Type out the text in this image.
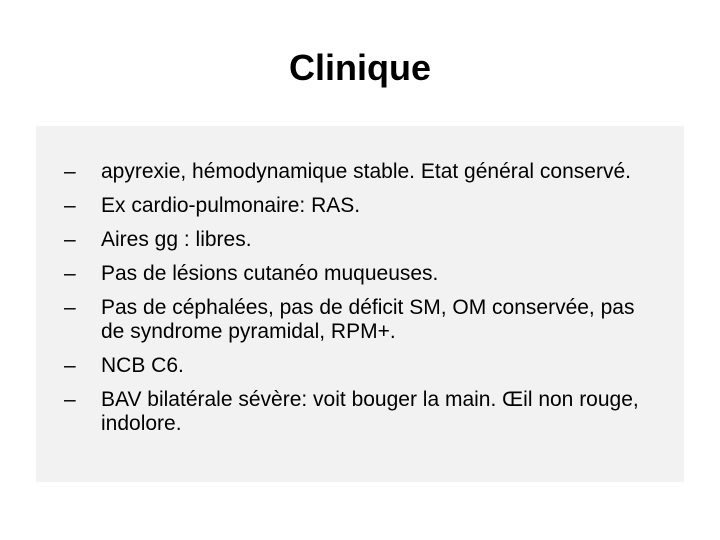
Clinique
– apyrexie, hémodynamique stable. Etat général conservé.
– Ex cardio-pulmonaire: RAS.
– Aires gg : libres.
– Pas de lésions cutanéo muqueuses.
– Pas de céphalées, pas de déficit SM, OM conservée, pas de syndrome pyramidal, RPM+.
– NCB C6.
– BAV bilatérale sévère: voit bouger la main. Œil non rouge, indolore.
